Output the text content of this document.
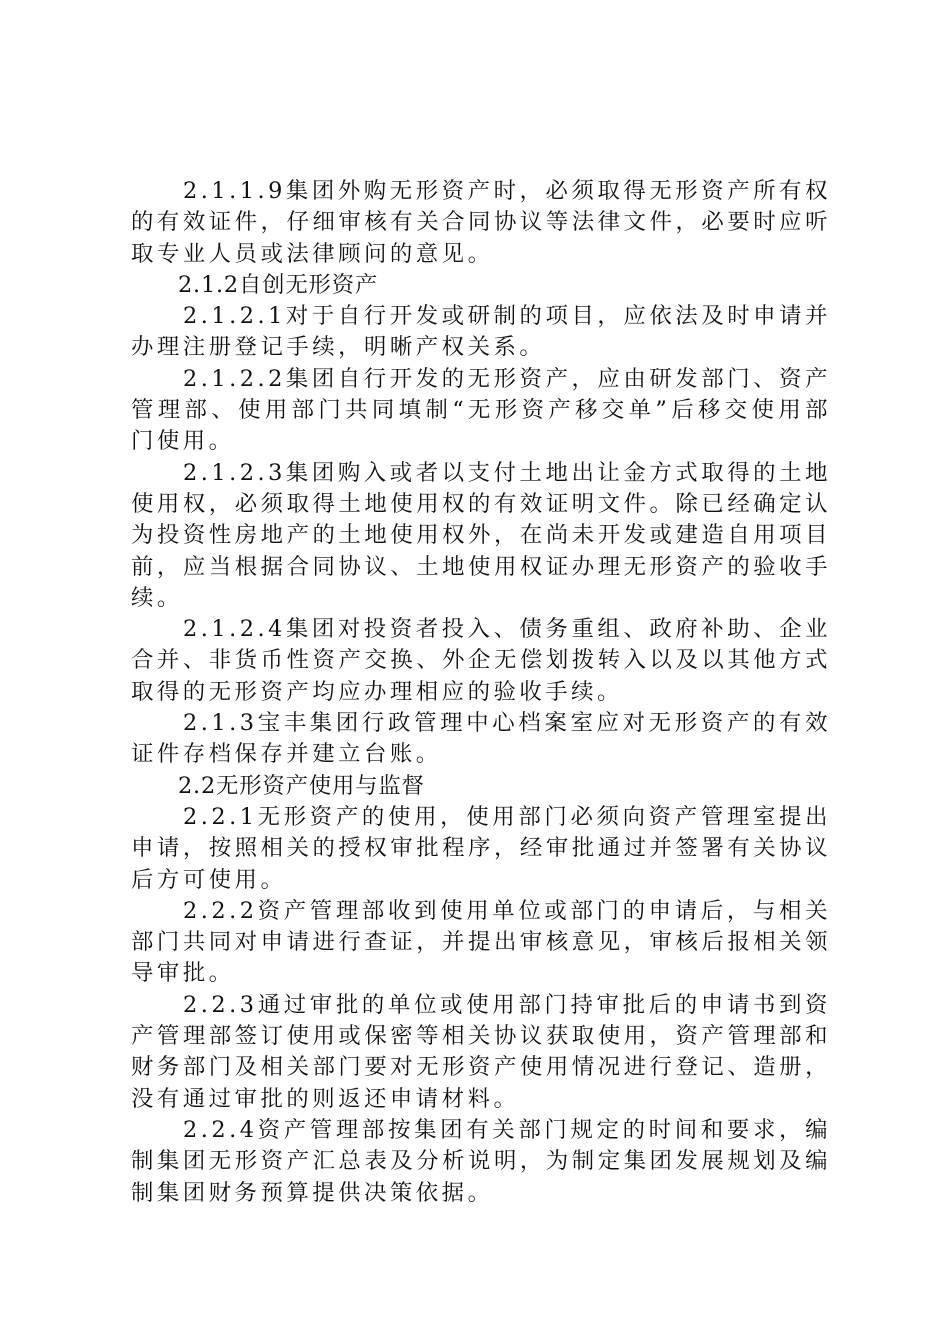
2.1.1.9集团外购无形资产时，必须取得无形资产所有权的有效证件，仔细审核有关合同协议等法律文件，必要时应听取专业人员或法律顾问的意见。

2.1.2自创无形资产

2.1.2.1对于自行开发或研制的项目，应依法及时申请并办理注册登记手续，明晰产权关系。

2.1.2.2集团自行开发的无形资产，应由研发部门、资产管理部、使用部门共同填制“无形资产移交单”后移交使用部门使用。

2.1.2.3集团购入或者以支付土地出让金方式取得的土地使用权，必须取得土地使用权的有效证明文件。除已经确定认为投资性房地产的土地使用权外，在尚未开发或建造自用项目前，应当根据合同协议、土地使用权证办理无形资产的验收手续。

2.1.2.4集团对投资者投入、债务重组、政府补助、企业合并、非货币性资产交换、外企无偿划拨转入以及以其他方式取得的无形资产均应办理相应的验收手续。

2.1.3宝丰集团行政管理中心档案室应对无形资产的有效证件存档保存并建立台账。

2.2无形资产使用与监督

2.2.1无形资产的使用，使用部门必须向资产管理室提出申请，按照相关的授权审批程序，经审批通过并签署有关协议后方可使用。

2.2.2资产管理部收到使用单位或部门的申请后，与相关部门共同对申请进行查证，并提出审核意见，审核后报相关领导审批。

2.2.3通过审批的单位或使用部门持审批后的申请书到资产管理部签订使用或保密等相关协议获取使用，资产管理部和财务部门及相关部门要对无形资产使用情况进行登记、造册，没有通过审批的则返还申请材料。

2.2.4资产管理部按集团有关部门规定的时间和要求，编制集团无形资产汇总表及分析说明，为制定集团发展规划及编制集团财务预算提供决策依据。
